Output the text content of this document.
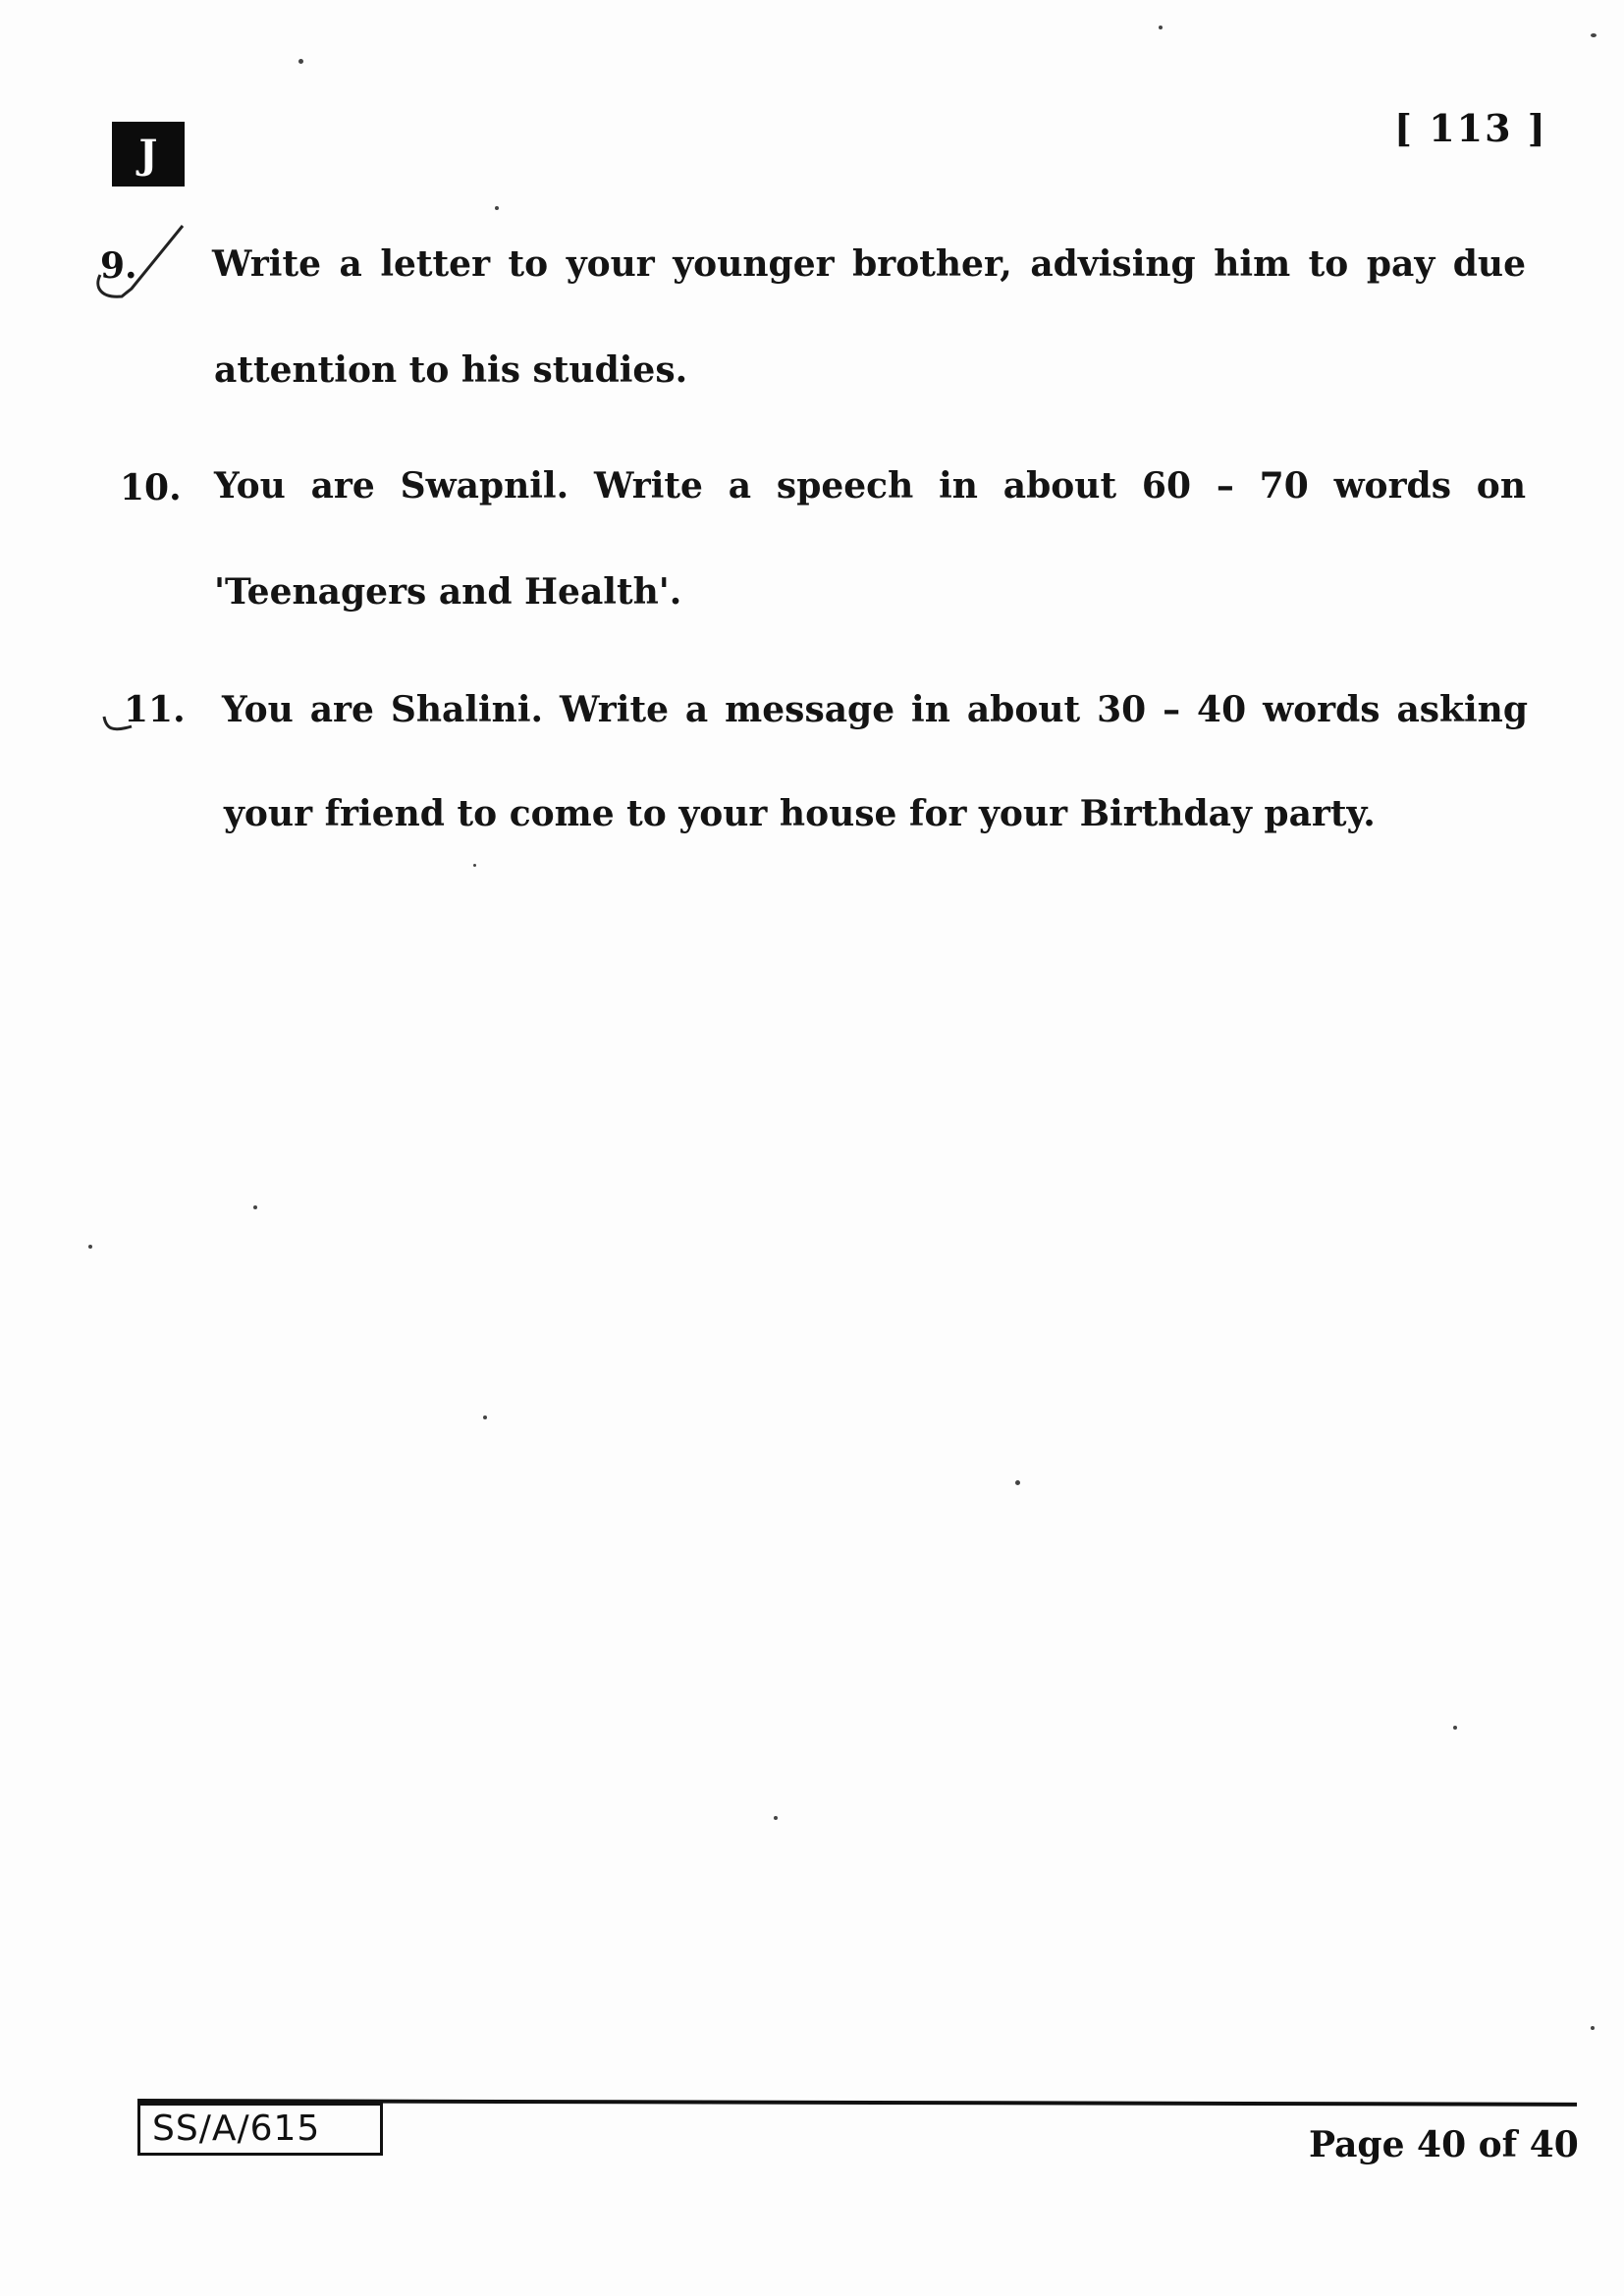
J
[ 113 ]
9. Write a letter to your younger brother, advising him to pay due
attention to his studies.
10. You are Swapnil. Write a speech in about 60 – 70 words on
'Teenagers and Health'.
11. You are Shalini. Write a message in about 30 – 40 words asking
your friend to come to your house for your Birthday party.
SS/A/615	Page 40 of 40
